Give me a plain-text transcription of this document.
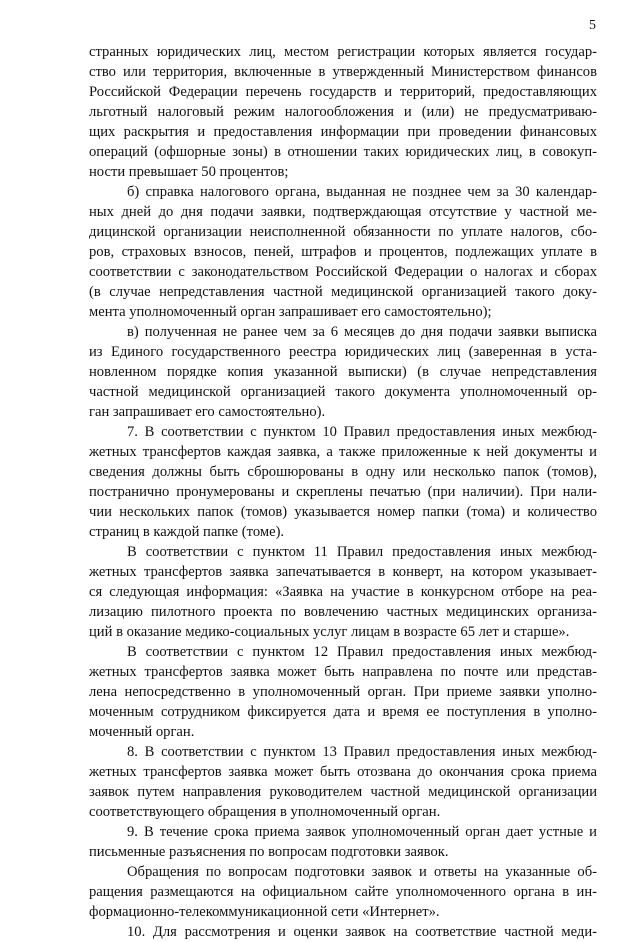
5
странных юридических лиц, местом регистрации которых является государ-
ство или территория, включенные в утвержденный Министерством финансов
Российской Федерации перечень государств и территорий, предоставляющих
льготный налоговый режим налогообложения и (или) не предусматриваю-
щих раскрытия и предоставления информации при проведении финансовых
операций (офшорные зоны) в отношении таких юридических лиц, в совокуп-
ности превышает 50 процентов;
б) справка налогового органа, выданная не позднее чем за 30 календар-
ных дней до дня подачи заявки, подтверждающая отсутствие у частной ме-
дицинской организации неисполненной обязанности по уплате налогов, сбо-
ров, страховых взносов, пеней, штрафов и процентов, подлежащих уплате в
соответствии с законодательством Российской Федерации о налогах и сборах
(в случае непредставления частной медицинской организацией такого доку-
мента уполномоченный орган запрашивает его самостоятельно);
в) полученная не ранее чем за 6 месяцев до дня подачи заявки выписка
из Единого государственного реестра юридических лиц (заверенная в уста-
новленном порядке копия указанной выписки) (в случае непредставления
частной медицинской организацией такого документа уполномоченный ор-
ган запрашивает его самостоятельно).
7. В соответствии с пунктом 10 Правил предоставления иных межбюд-
жетных трансфертов каждая заявка, а также приложенные к ней документы и
сведения должны быть сброшюрованы в одну или несколько папок (томов),
постранично пронумерованы и скреплены печатью (при наличии). При нали-
чии нескольких папок (томов) указывается номер папки (тома) и количество
страниц в каждой папке (томе).
В соответствии с пунктом 11 Правил предоставления иных межбюд-
жетных трансфертов заявка запечатывается в конверт, на котором указывает-
ся следующая информация: «Заявка на участие в конкурсном отборе на реа-
лизацию пилотного проекта по вовлечению частных медицинских организа-
ций в оказание медико-социальных услуг лицам в возрасте 65 лет и старше».
В соответствии с пунктом 12 Правил предоставления иных межбюд-
жетных трансфертов заявка может быть направлена по почте или представ-
лена непосредственно в уполномоченный орган. При приеме заявки уполно-
моченным сотрудником фиксируется дата и время ее поступления в уполно-
моченный орган.
8. В соответствии с пунктом 13 Правил предоставления иных межбюд-
жетных трансфертов заявка может быть отозвана до окончания срока приема
заявок путем направления руководителем частной медицинской организации
соответствующего обращения в уполномоченный орган.
9. В течение срока приема заявок уполномоченный орган дает устные и
письменные разъяснения по вопросам подготовки заявок.
Обращения по вопросам подготовки заявок и ответы на указанные об-
ращения размещаются на официальном сайте уполномоченного органа в ин-
формационно-телекоммуникационной сети «Интернет».
10. Для рассмотрения и оценки заявок на соответствие частной меди-
